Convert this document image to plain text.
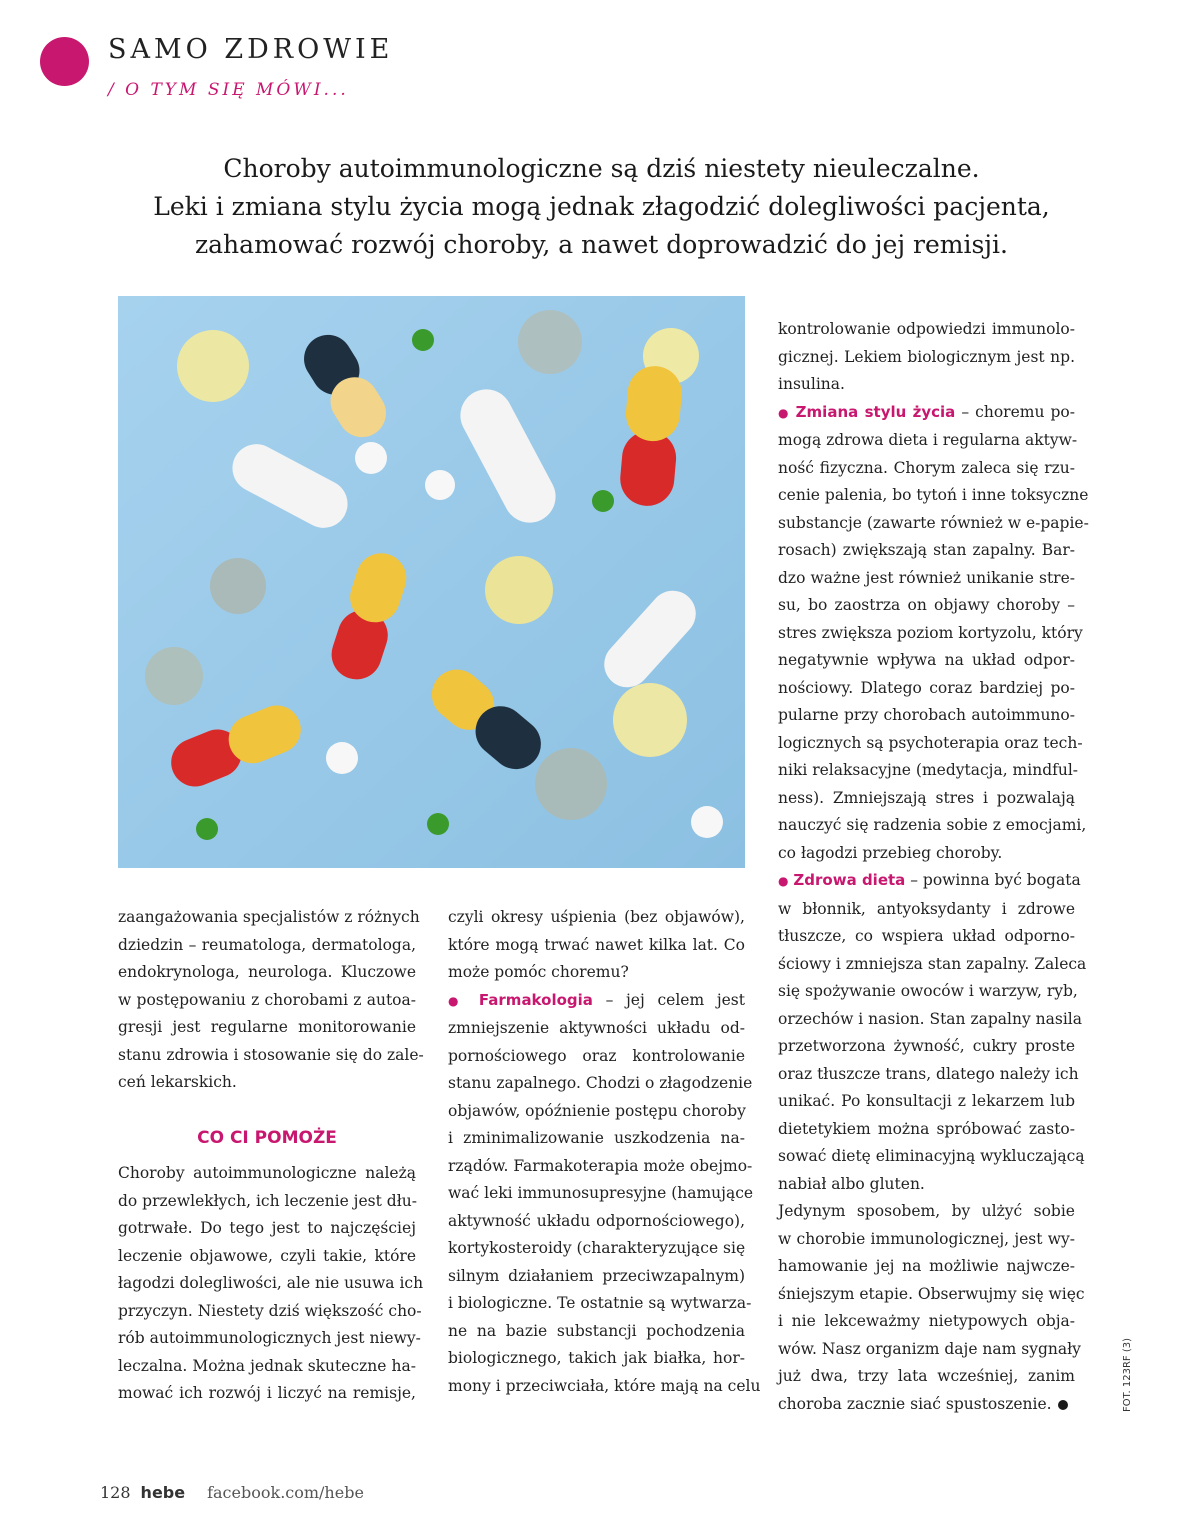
SAMO ZDROWIE
/ O TYM SIĘ MÓWI...
Choroby autoimmunologiczne są dziś niestety nieuleczalne.
Leki i zmiana stylu życia mogą jednak złagodzić dolegliwości pacjenta,
zahamować rozwój choroby, a nawet doprowadzić do jej remisji.
zaangażowania specjalistów z różnych
dziedzin – reumatologa, dermatologa,
endokrynologa, neurologa. Kluczowe
w postępowaniu z chorobami z autoa-
gresji jest regularne monitorowanie
stanu zdrowia i stosowanie się do zale-
ceń lekarskich.
CO CI POMOŻE
Choroby autoimmunologiczne należą
do przewlekłych, ich leczenie jest dłu-
gotrwałe. Do tego jest to najczęściej
leczenie objawowe, czyli takie, które
łagodzi dolegliwości, ale nie usuwa ich
przyczyn. Niestety dziś większość cho-
rób autoimmunologicznych jest niewy-
leczalna. Można jednak skuteczne ha-
mować ich rozwój i liczyć na remisje,
czyli okresy uśpienia (bez objawów),
które mogą trwać nawet kilka lat. Co
może pomóc choremu?
● Farmakologia – jej celem jest
zmniejszenie aktywności układu od-
pornościowego oraz kontrolowanie
stanu zapalnego. Chodzi o złagodzenie
objawów, opóźnienie postępu choroby
i zminimalizowanie uszkodzenia na-
rządów. Farmakoterapia może obejmo-
wać leki immunosupresyjne (hamujące
aktywność układu odpornościowego),
kortykosteroidy (charakteryzujące się
silnym działaniem przeciwzapalnym)
i biologiczne. Te ostatnie są wytwarza-
ne na bazie substancji pochodzenia
biologicznego, takich jak białka, hor-
mony i przeciwciała, które mają na celu
kontrolowanie odpowiedzi immunolo-
gicznej. Lekiem biologicznym jest np.
insulina.
● Zmiana stylu życia – choremu po-
mogą zdrowa dieta i regularna aktyw-
ność fizyczna. Chorym zaleca się rzu-
cenie palenia, bo tytoń i inne toksyczne
substancje (zawarte również w e-papie-
rosach) zwiększają stan zapalny. Bar-
dzo ważne jest również unikanie stre-
su, bo zaostrza on objawy choroby –
stres zwiększa poziom kortyzolu, który
negatywnie wpływa na układ odpor-
nościowy. Dlatego coraz bardziej po-
pularne przy chorobach autoimmuno-
logicznych są psychoterapia oraz tech-
niki relaksacyjne (medytacja, mindful-
ness). Zmniejszają stres i pozwalają
nauczyć się radzenia sobie z emocjami,
co łagodzi przebieg choroby.
● Zdrowa dieta – powinna być bogata
w błonnik, antyoksydanty i zdrowe
tłuszcze, co wspiera układ odporno-
ściowy i zmniejsza stan zapalny. Zaleca
się spożywanie owoców i warzyw, ryb,
orzechów i nasion. Stan zapalny nasila
przetworzona żywność, cukry proste
oraz tłuszcze trans, dlatego należy ich
unikać. Po konsultacji z lekarzem lub
dietetykiem można spróbować zasto-
sować dietę eliminacyjną wykluczającą
nabiał albo gluten.
Jedynym sposobem, by ulżyć sobie
w chorobie immunologicznej, jest wy-
hamowanie jej na możliwie najwcze-
śniejszym etapie. Obserwujmy się więc
i nie lekceważmy nietypowych obja-
wów. Nasz organizm daje nam sygnały
już dwa, trzy lata wcześniej, zanim
choroba zacznie siać spustoszenie.	FOT. 123RF (3)
128 hebe facebook.com/hebe
